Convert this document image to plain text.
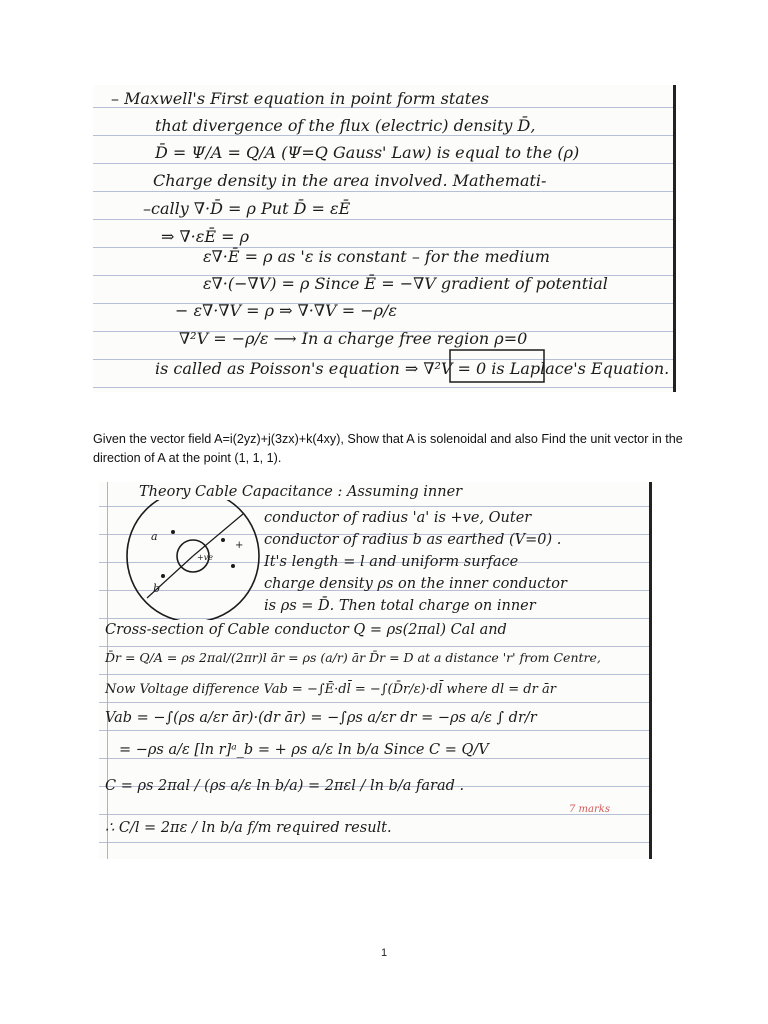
– Maxwell's First equation in point form states
that divergence of the flux (electric) density D̄,
D̄ = Ψ/A = Q/A (Ψ=Q Gauss' Law) is equal to the (ρ)
Charge density in the area involved. Mathemati-
–cally ∇·D̄ = ρ Put D̄ = εĒ
⇒ ∇·εĒ = ρ
ε∇·Ē = ρ as 'ε is constant – for the medium
ε∇·(−∇V) = ρ Since Ē = −∇V gradient of potential
− ε∇·∇V = ρ ⇒ ∇·∇V = −ρ/ε
∇²V = −ρ/ε ⟶ In a charge free region ρ=0
is called as Poisson's equation ⇒ ∇²V = 0 is Laplace's Equation.
Given the vector field A=i(2yz)+j(3zx)+k(4xy), Show that A is solenoidal and also Find the unit vector in the direction of A at the point (1, 1, 1).
a
b
+ve
+
Theory Cable Capacitance : Assuming inner
conductor of radius 'a' is +ve, Outer
conductor of radius b as earthed (V=0) .
It's length = l and uniform surface
charge density ρs on the inner conductor
is ρs = D̄. Then total charge on inner
Cross-section of Cable conductor Q = ρs(2πal) Cal and
D̄r = Q/A = ρs 2πal/(2πr)l ār = ρs (a/r) ār D̄r = D at a distance 'r' from Centre,
Now Voltage difference Vab = −∫Ē·dl̄ = −∫(D̄r/ε)·dl̄ where dl = dr ār
Vab = −∫(ρs a/εr ār)·(dr ār) = −∫ρs a/εr dr = −ρs a/ε ∫ dr/r
= −ρs a/ε [ln r]ᵃ_b = + ρs a/ε ln b/a Since C = Q/V
C = ρs 2πal / (ρs a/ε ln b/a) = 2πεl / ln b/a farad .
∴ C/l = 2πε / ln b/a f/m required result.
7 marks
1
